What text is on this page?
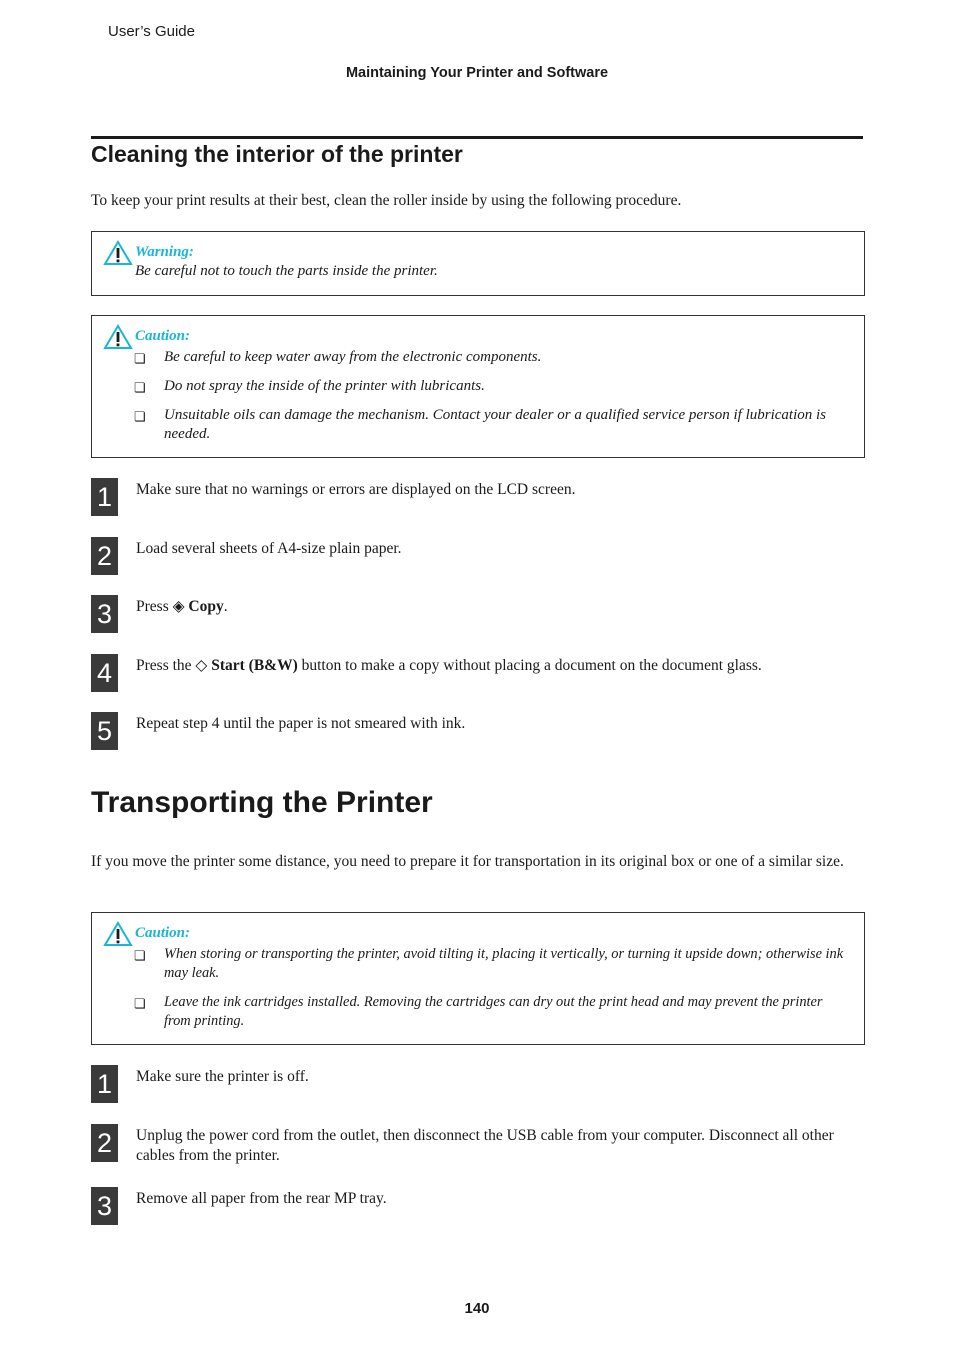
User’s Guide
Maintaining Your Printer and Software
Cleaning the interior of the printer
To keep your print results at their best, clean the roller inside by using the following procedure.
Warning:
Be careful not to touch the parts inside the printer.
Caution:
❏ Be careful to keep water away from the electronic components.
❏ Do not spray the inside of the printer with lubricants.
❏ Unsuitable oils can damage the mechanism. Contact your dealer or a qualified service person if lubrication is needed.
1	Make sure that no warnings or errors are displayed on the LCD screen.
2	Load several sheets of A4-size plain paper.
3	Press ◈ Copy.
4	Press the ◇ Start (B&W) button to make a copy without placing a document on the document glass.
5	Repeat step 4 until the paper is not smeared with ink.
Transporting the Printer
If you move the printer some distance, you need to prepare it for transportation in its original box or one of a similar size.
Caution:
❏ When storing or transporting the printer, avoid tilting it, placing it vertically, or turning it upside down; otherwise ink may leak.
❏ Leave the ink cartridges installed. Removing the cartridges can dry out the print head and may prevent the printer from printing.
1	Make sure the printer is off.
2	Unplug the power cord from the outlet, then disconnect the USB cable from your computer. Disconnect all other cables from the printer.
3	Remove all paper from the rear MP tray.
140
